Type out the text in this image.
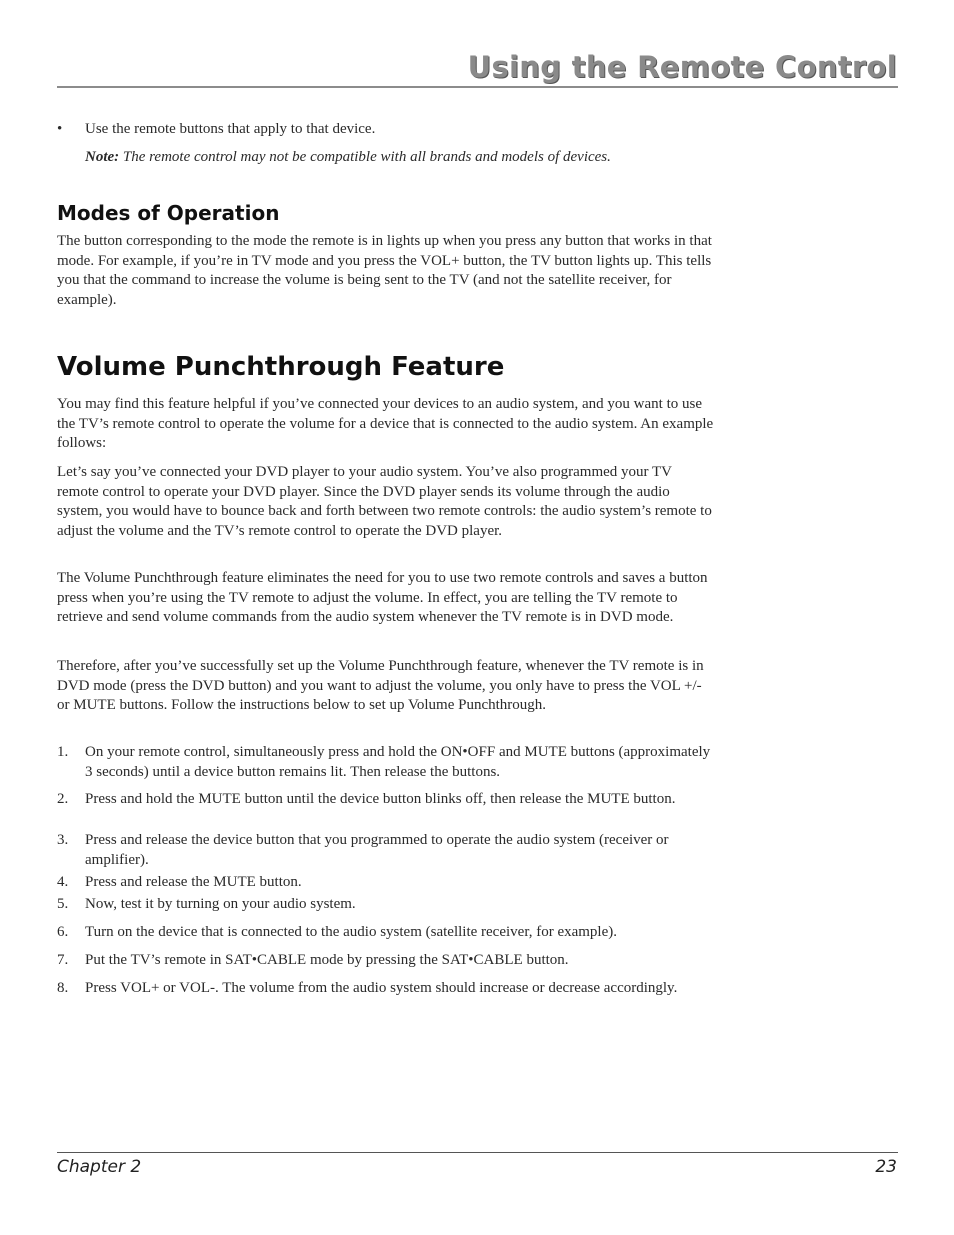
Using the Remote Control
• Use the remote buttons that apply to that device.
Note: The remote control may not be compatible with all brands and models of devices.
Modes of Operation

The button corresponding to the mode the remote is in lights up when you press any button that works in that mode. For example, if you’re in TV mode and you press the VOL+ button, the TV button lights up. This tells you that the command to increase the volume is being sent to the TV (and not the satellite receiver, for example).

Volume Punchthrough Feature

You may find this feature helpful if you’ve connected your devices to an audio system, and you want to use the TV’s remote control to operate the volume for a device that is connected to the audio system. An example follows:

Let’s say you’ve connected your DVD player to your audio system. You’ve also programmed your TV remote control to operate your DVD player. Since the DVD player sends its volume through the audio system, you would have to bounce back and forth between two remote controls: the audio system’s remote to adjust the volume and the TV’s remote control to operate the DVD player.

The Volume Punchthrough feature eliminates the need for you to use two remote controls and saves a button press when you’re using the TV remote to adjust the volume. In effect, you are telling the TV remote to retrieve and send volume commands from the audio system whenever the TV remote is in DVD mode.

Therefore, after you’ve successfully set up the Volume Punchthrough feature, whenever the TV remote is in DVD mode (press the DVD button) and you want to adjust the volume, you only have to press the VOL +/- or MUTE buttons. Follow the instructions below to set up Volume Punchthrough.

1. On your remote control, simultaneously press and hold the ON•OFF and MUTE buttons (approximately 3 seconds) until a device button remains lit. Then release the buttons.
2. Press and hold the MUTE button until the device button blinks off, then release the MUTE button.
3. Press and release the device button that you programmed to operate the audio system (receiver or amplifier).
4. Press and release the MUTE button.
5. Now, test it by turning on your audio system.
6. Turn on the device that is connected to the audio system (satellite receiver, for example).
7. Put the TV’s remote in SAT•CABLE mode by pressing the SAT•CABLE button.
8. Press VOL+ or VOL-. The volume from the audio system should increase or decrease accordingly.
Chapter 2	23
